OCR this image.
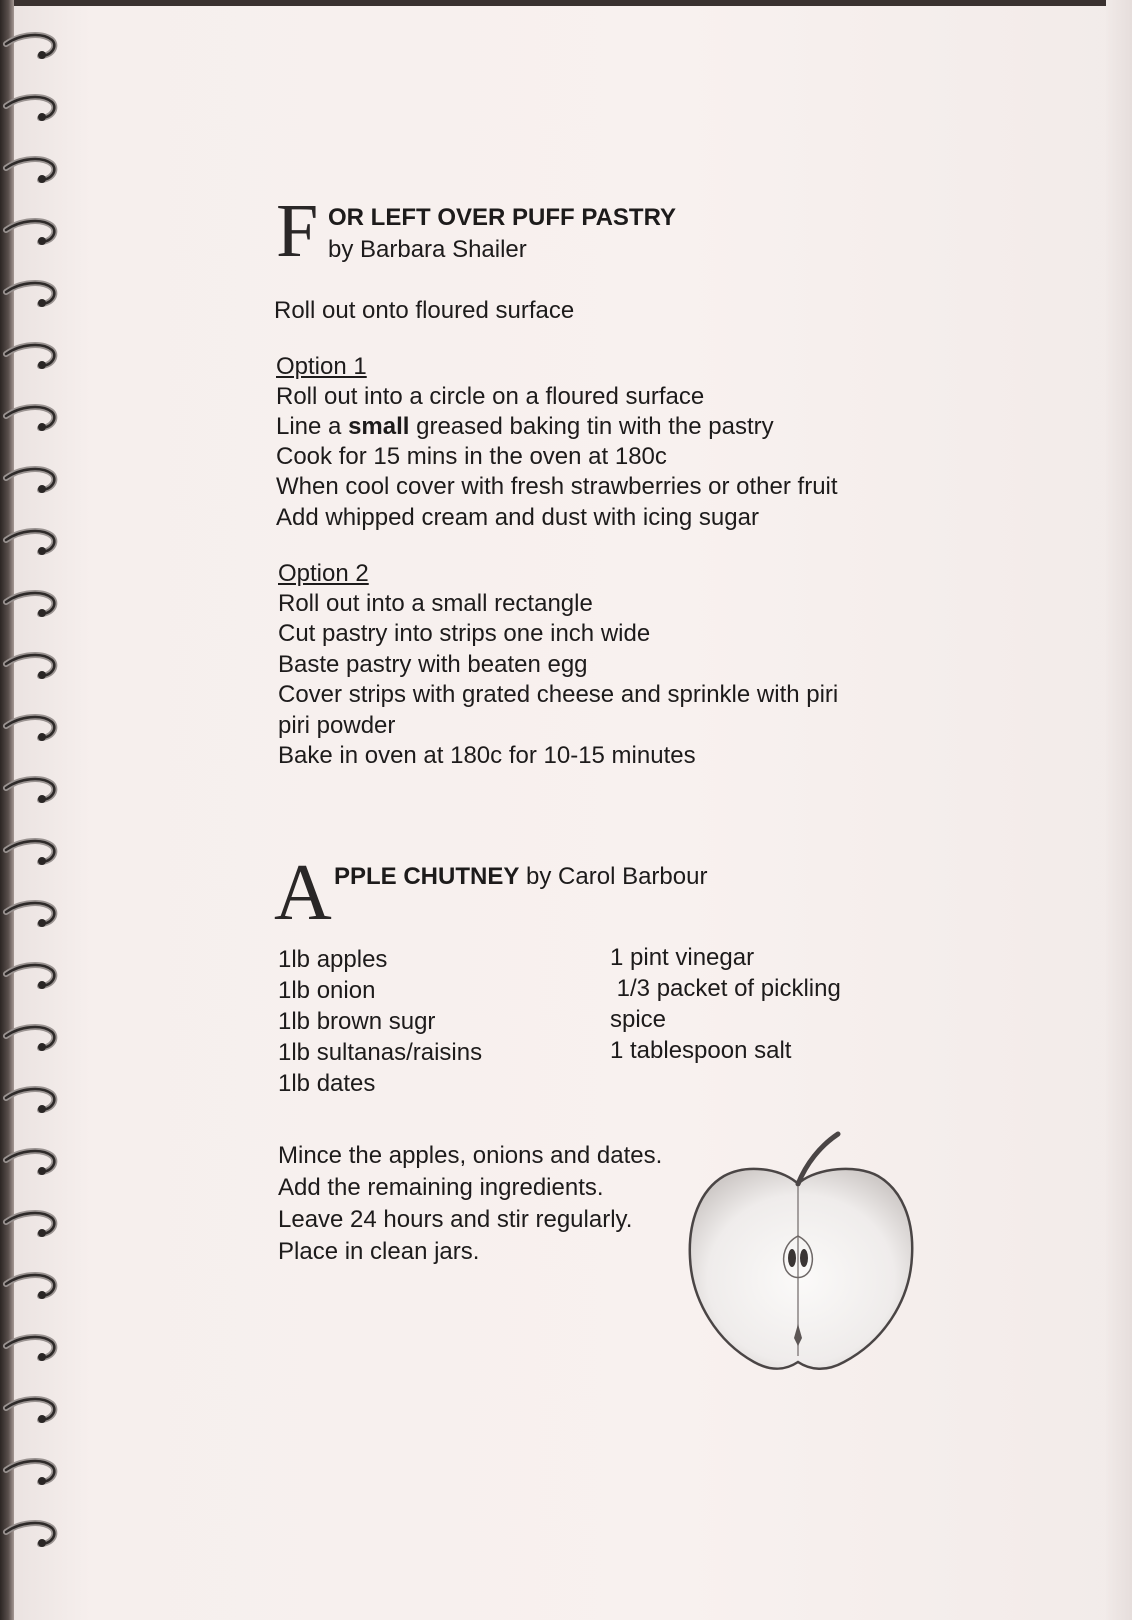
F OR LEFT OVER PUFF PASTRY
by Barbara Shailer
Roll out onto floured surface
Option 1
Roll out into a circle on a floured surface
Line a small greased baking tin with the pastry
Cook for 15 mins in the oven at 180c
When cool cover with fresh strawberries or other fruit
Add whipped cream and dust with icing sugar
Option 2
Roll out into a small rectangle
Cut pastry into strips one inch wide
Baste pastry with beaten egg
Cover strips with grated cheese and sprinkle with piri
piri powder
Bake in oven at 180c for 10-15 minutes
A PPLE CHUTNEY by Carol Barbour
1lb apples
1lb onion
1lb brown sugr
1lb sultanas/raisins
1lb dates
1 pint vinegar
1/3 packet of pickling
spice
1 tablespoon salt
Mince the apples, onions and dates.
Add the remaining ingredients.
Leave 24 hours and stir regularly.
Place in clean jars.
